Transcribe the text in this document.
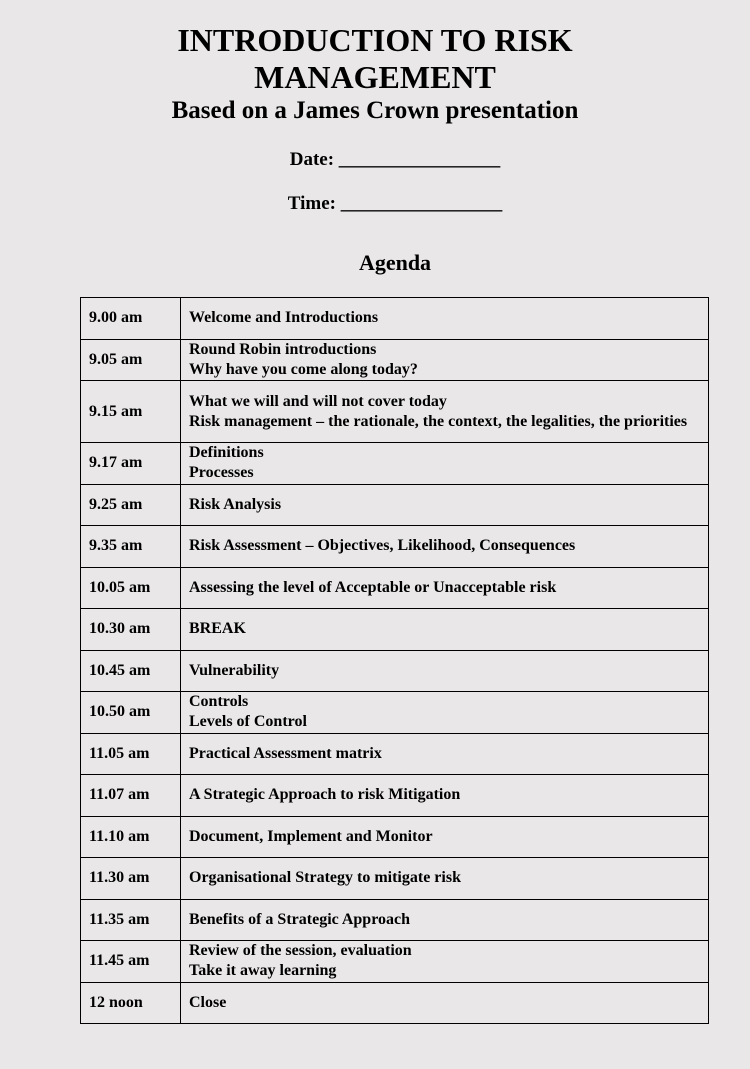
INTRODUCTION TO RISK
MANAGEMENT
Based on a James Crown presentation
Date: _________________
Time: _________________
Agenda
9.00 am	Welcome and Introductions

9.05 am	Round Robin introductions
Why have you come along today?

9.15 am	What we will and will not cover today
Risk management – the rationale, the context, the legalities, the priorities

9.17 am	Definitions
Processes

9.25 am	Risk Analysis

9.35 am	Risk Assessment – Objectives, Likelihood, Consequences

10.05 am	Assessing the level of Acceptable or Unacceptable risk

10.30 am	BREAK

10.45 am	Vulnerability

10.50 am	Controls
Levels of Control

11.05 am	Practical Assessment matrix

11.07 am	A Strategic Approach to risk Mitigation

11.10 am	Document, Implement and Monitor

11.30 am	Organisational Strategy to mitigate risk

11.35 am	Benefits of a Strategic Approach

11.45 am	Review of the session, evaluation
Take it away learning

12 noon	Close
